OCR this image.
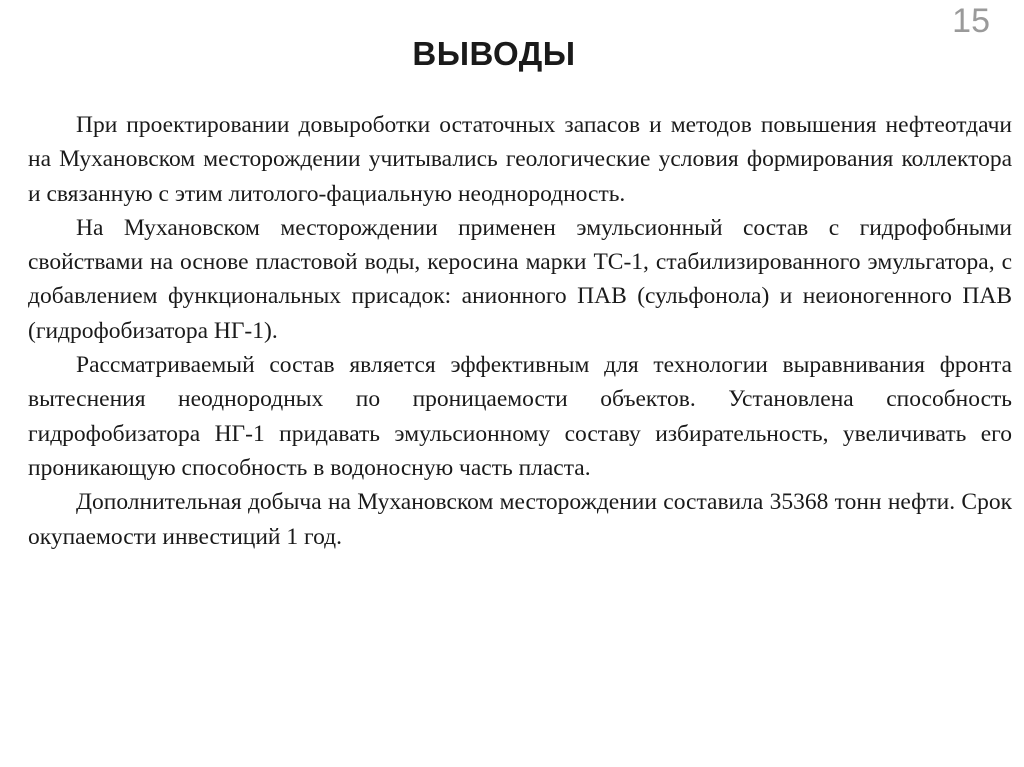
15
ВЫВОДЫ

При проектировании довыроботки остаточных запасов и методов повышения нефтеотдачи на Мухановском месторождении учитывались геологические условия формирования коллектора и связанную с этим литолого-фациальную неоднородность.

На Мухановском месторождении применен эмульсионный состав с гидрофобными свойствами на основе пластовой воды, керосина марки ТС-1, стабилизированного эмульгатора, с добавлением функциональных присадок: анионного ПАВ (сульфонола) и неионогенного ПАВ (гидрофобизатора НГ-1).

Рассматриваемый состав является эффективным для технологии выравнивания фронта вытеснения неоднородных по проницаемости объектов. Установлена способность гидрофобизатора НГ-1 придавать эмульсионному составу избирательность, увеличивать его проникающую способность в водоносную часть пласта.

Дополнительная добыча на Мухановском месторождении составила 35368 тонн нефти. Срок окупаемости инвестиций 1 год.
